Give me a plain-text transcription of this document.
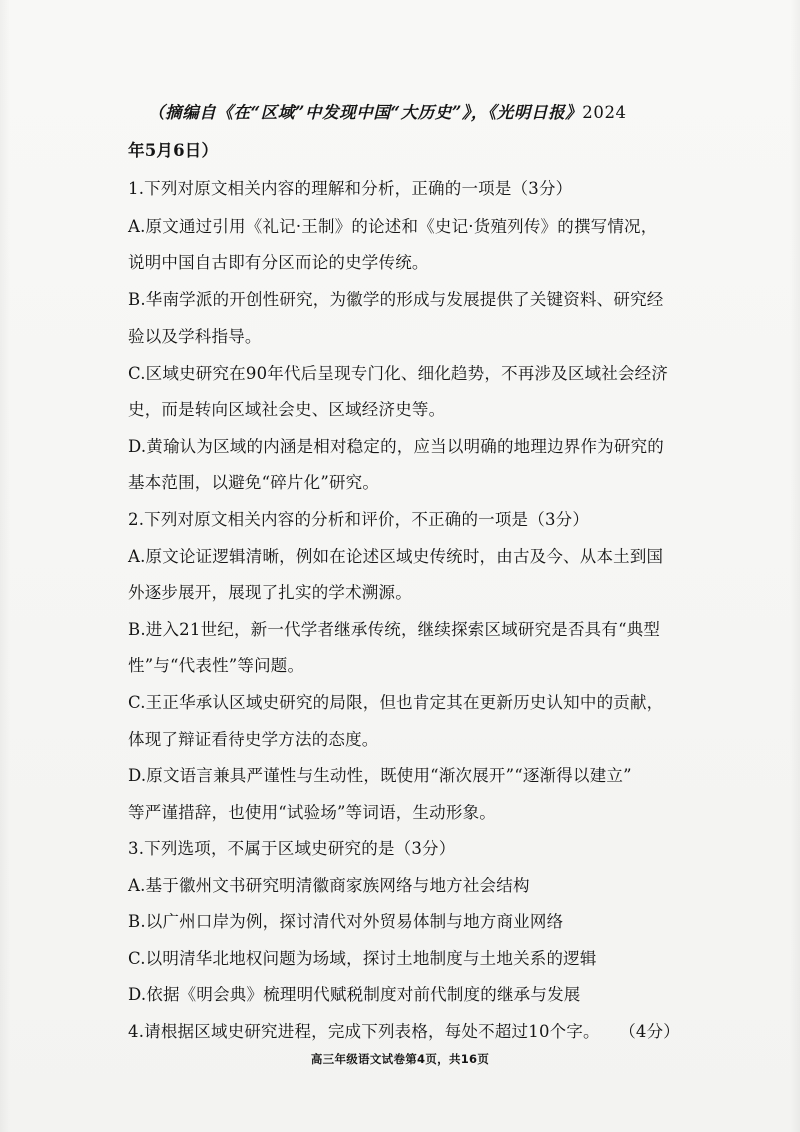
（摘编自《在“区域”中发现中国“大历史”》，《光明日报》2024
年5月6日）
1.下列对原文相关内容的理解和分析，正确的一项是（3分）
A.原文通过引用《礼记·王制》的论述和《史记·货殖列传》的撰写情况，
说明中国自古即有分区而论的史学传统。
B.华南学派的开创性研究，为徽学的形成与发展提供了关键资料、研究经
验以及学科指导。
C.区域史研究在90年代后呈现专门化、细化趋势，不再涉及区域社会经济
史，而是转向区域社会史、区域经济史等。
D.黄瑜认为区域的内涵是相对稳定的，应当以明确的地理边界作为研究的
基本范围，以避免“碎片化”研究。
2.下列对原文相关内容的分析和评价，不正确的一项是（3分）
A.原文论证逻辑清晰，例如在论述区域史传统时，由古及今、从本土到国
外逐步展开，展现了扎实的学术溯源。
B.进入21世纪，新一代学者继承传统，继续探索区域研究是否具有“典型
性”与“代表性”等问题。
C.王正华承认区域史研究的局限，但也肯定其在更新历史认知中的贡献，
体现了辩证看待史学方法的态度。
D.原文语言兼具严谨性与生动性，既使用“渐次展开”“逐渐得以建立”
等严谨措辞，也使用“试验场”等词语，生动形象。
3.下列选项，不属于区域史研究的是（3分）
A.基于徽州文书研究明清徽商家族网络与地方社会结构
B.以广州口岸为例，探讨清代对外贸易体制与地方商业网络
C.以明清华北地权问题为场域，探讨土地制度与土地关系的逻辑
D.依据《明会典》梳理明代赋税制度对前代制度的继承与发展
4.请根据区域史研究进程，完成下列表格，每处不超过10个字。 （4分）
高三年级语文试卷第4页，共16页
